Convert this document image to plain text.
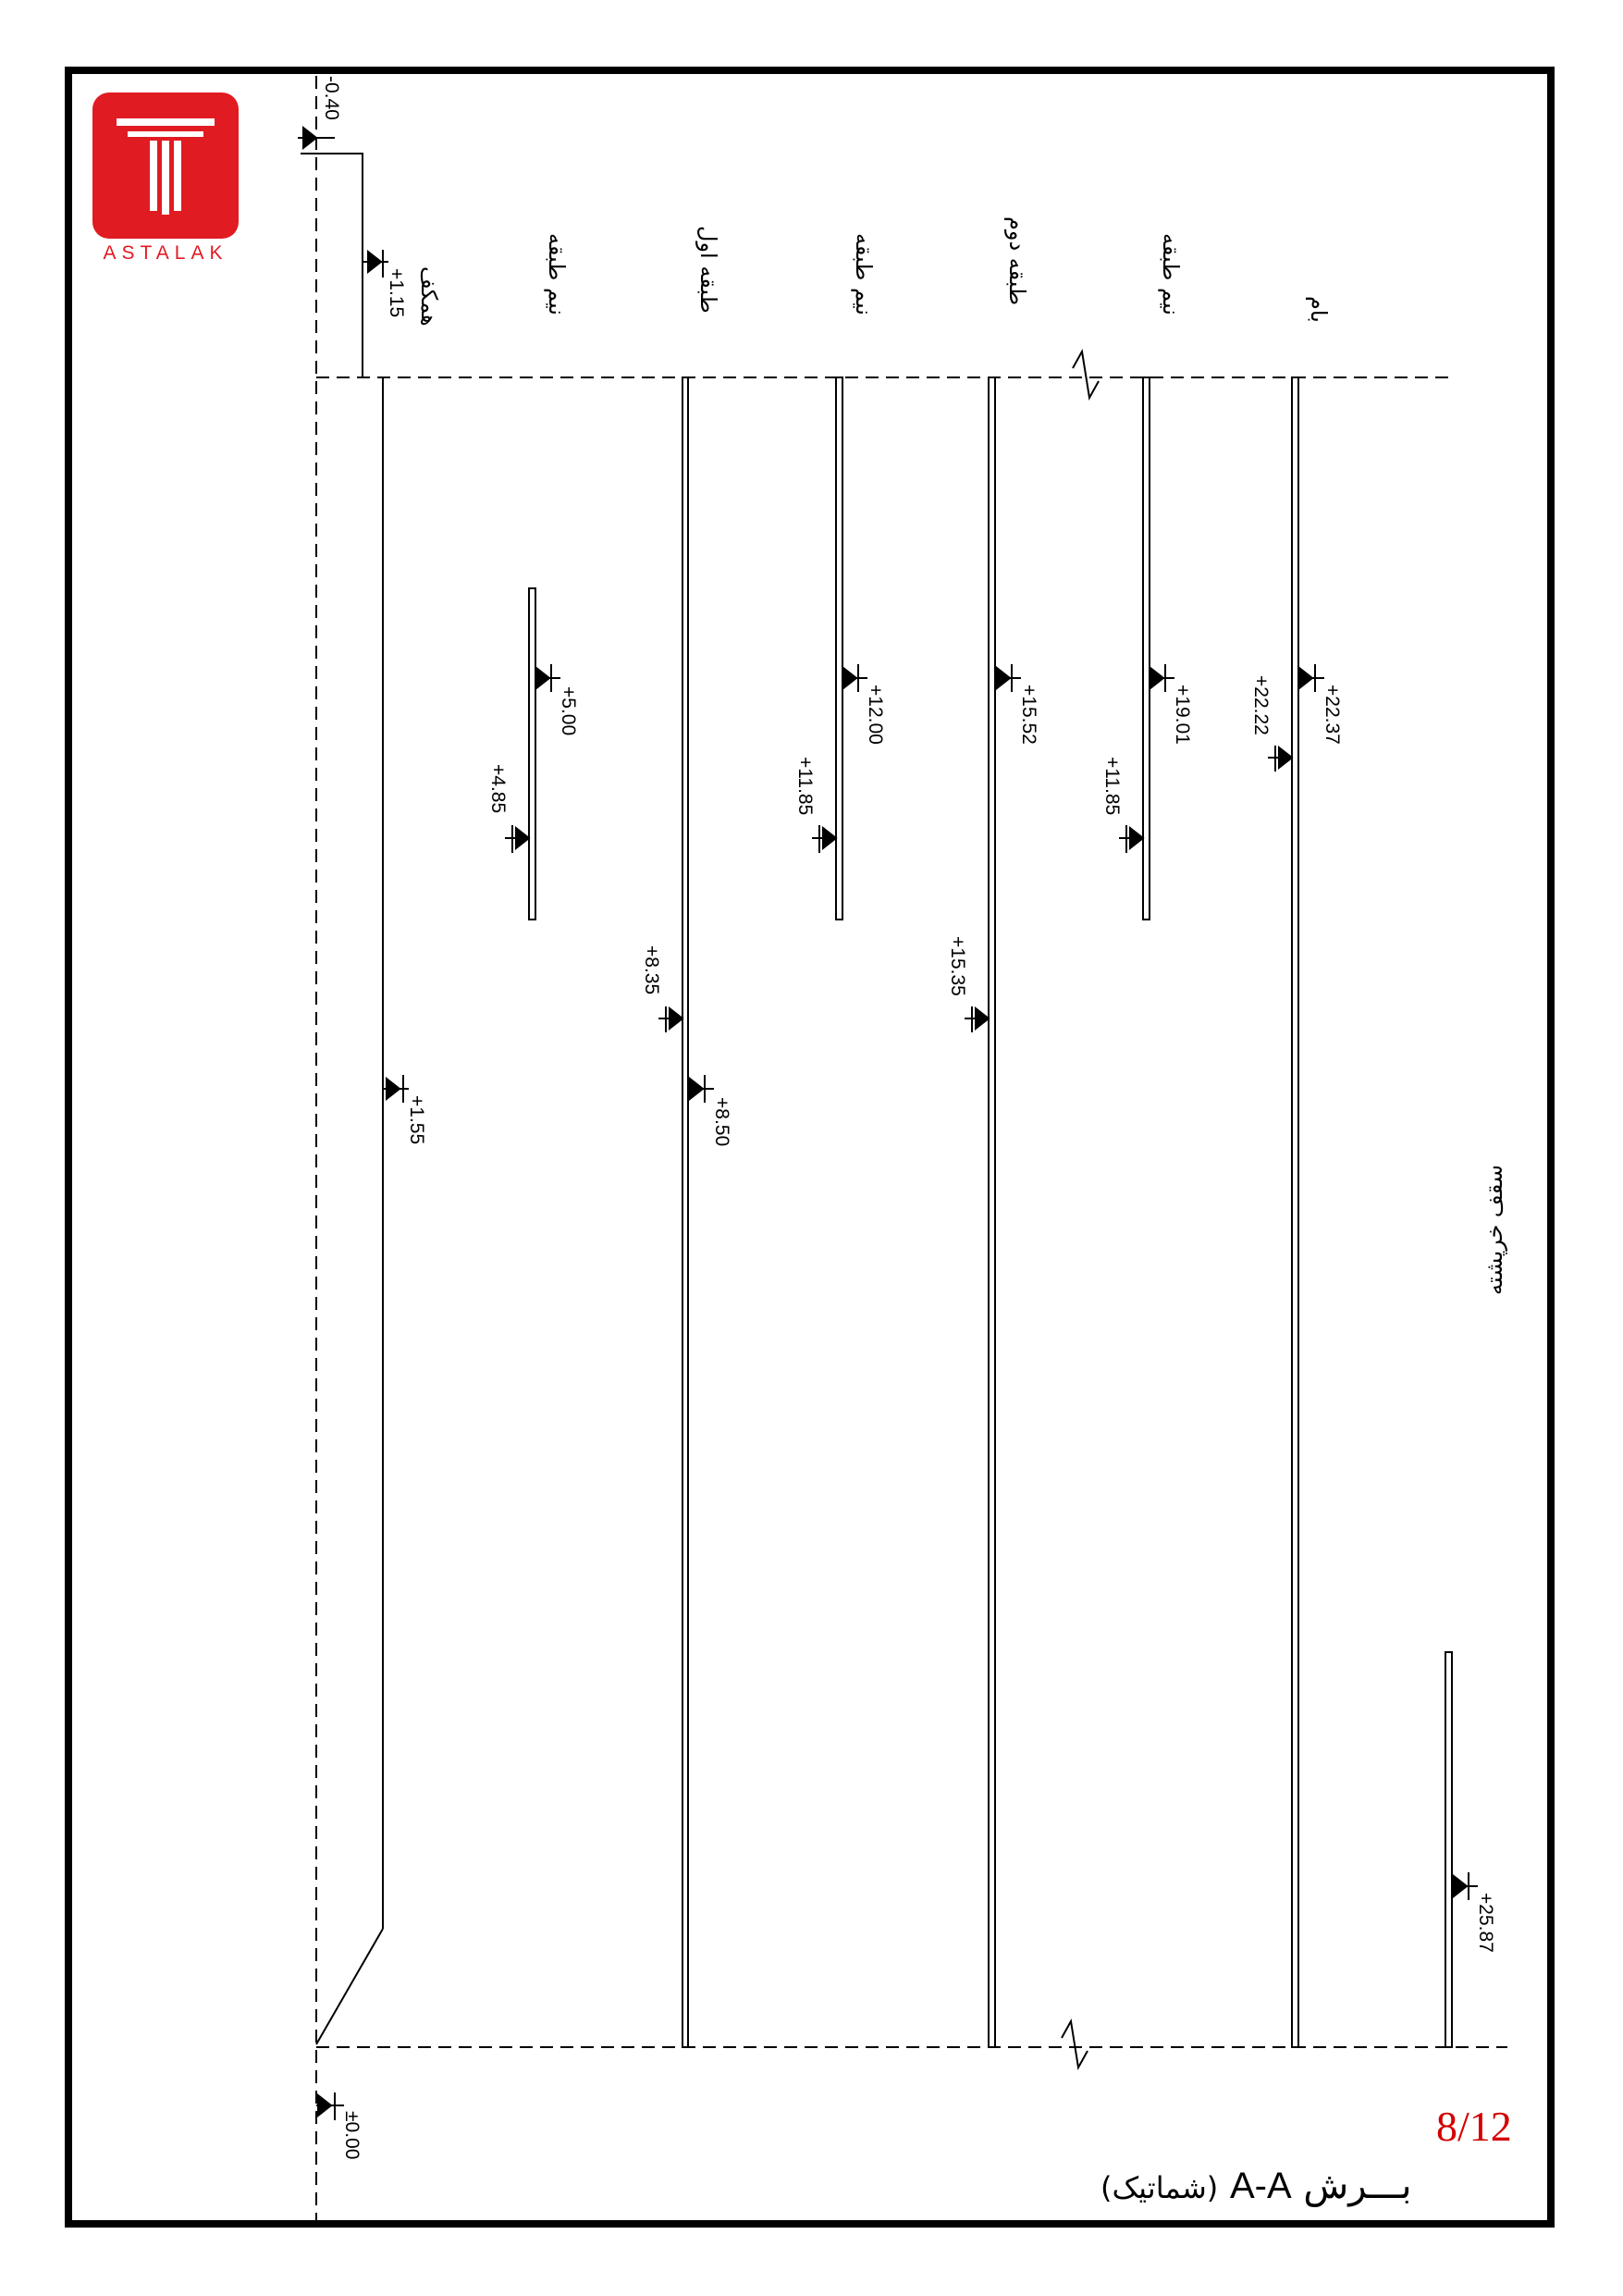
ASTALAK
همکف	نیم طبقه	طبقه اول	نیم طبقه	طبقه دوم	نیم طبقه	بام
سقف خرپشته
-0.40
+1.15
+1.55
+5.00
+4.85
+8.35
+8.50
+12.00
+11.85
+15.52
+15.35
+19.01
+11.85
+22.37
+22.22
+25.87
±0.00	8/12
بـــرش A-A (شماتیک)
